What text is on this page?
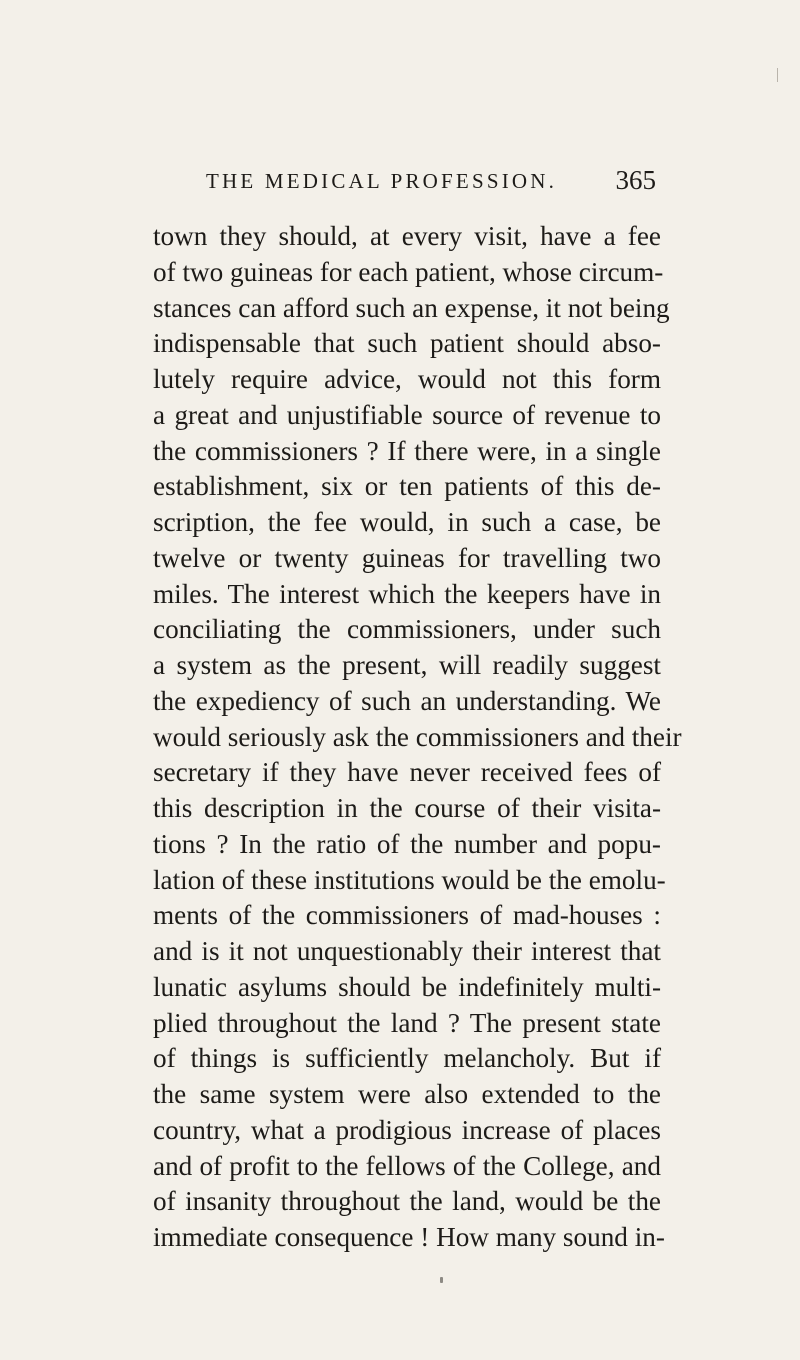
THE MEDICAL PROFESSION. 365
town they should, at every visit, have a fee
of two guineas for each patient, whose circum-
stances can afford such an expense, it not being
indispensable that such patient should abso-
lutely require advice, would not this form
a great and unjustifiable source of revenue to
the commissioners ? If there were, in a single
establishment, six or ten patients of this de-
scription, the fee would, in such a case, be
twelve or twenty guineas for travelling two
miles. The interest which the keepers have in
conciliating the commissioners, under such
a system as the present, will readily suggest
the expediency of such an understanding. We
would seriously ask the commissioners and their
secretary if they have never received fees of
this description in the course of their visita-
tions ? In the ratio of the number and popu-
lation of these institutions would be the emolu-
ments of the commissioners of mad-houses :
and is it not unquestionably their interest that
lunatic asylums should be indefinitely multi-
plied throughout the land ? The present state
of things is sufficiently melancholy. But if
the same system were also extended to the
country, what a prodigious increase of places
and of profit to the fellows of the College, and
of insanity throughout the land, would be the
immediate consequence ! How many sound in-
